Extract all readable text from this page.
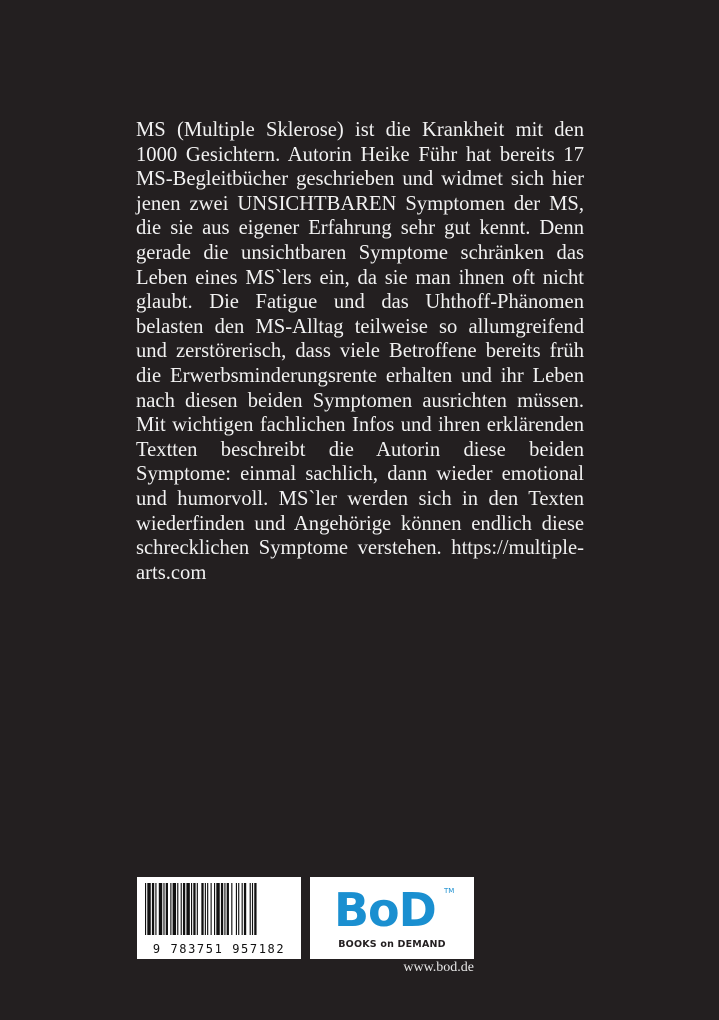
MS (Multiple Sklerose) ist die Krankheit mit den 1000 Gesichtern. Autorin Heike Führ hat bereits 17 MS-Begleitbücher geschrieben und widmet sich hier jenen zwei UNSICHTBAREN Symptomen der MS, die sie aus eigener Erfahrung sehr gut kennt. Denn gerade die unsichtbaren Symptome schränken das Leben eines MS`lers ein, da sie man ihnen oft nicht glaubt. Die Fatigue und das Uhthoff-Phänomen belasten den MS-Alltag teilweise so allumgreifend und zerstörerisch, dass viele Betroffene bereits früh die Erwerbsminderungsrente erhalten und ihr Leben nach diesen beiden Symptomen ausrichten müssen. Mit wichtigen fachlichen Infos und ihren erklärenden Textten beschreibt die Autorin diese beiden Symptome: einmal sachlich, dann wieder emotional und humorvoll. MS`ler werden sich in den Texten wiederfinden und Angehörige können endlich diese schrecklichen Symptome verstehen. https://multiple-arts.com

9 783751 957182
BoD TM
BOOKS on DEMAND
www.bod.de
